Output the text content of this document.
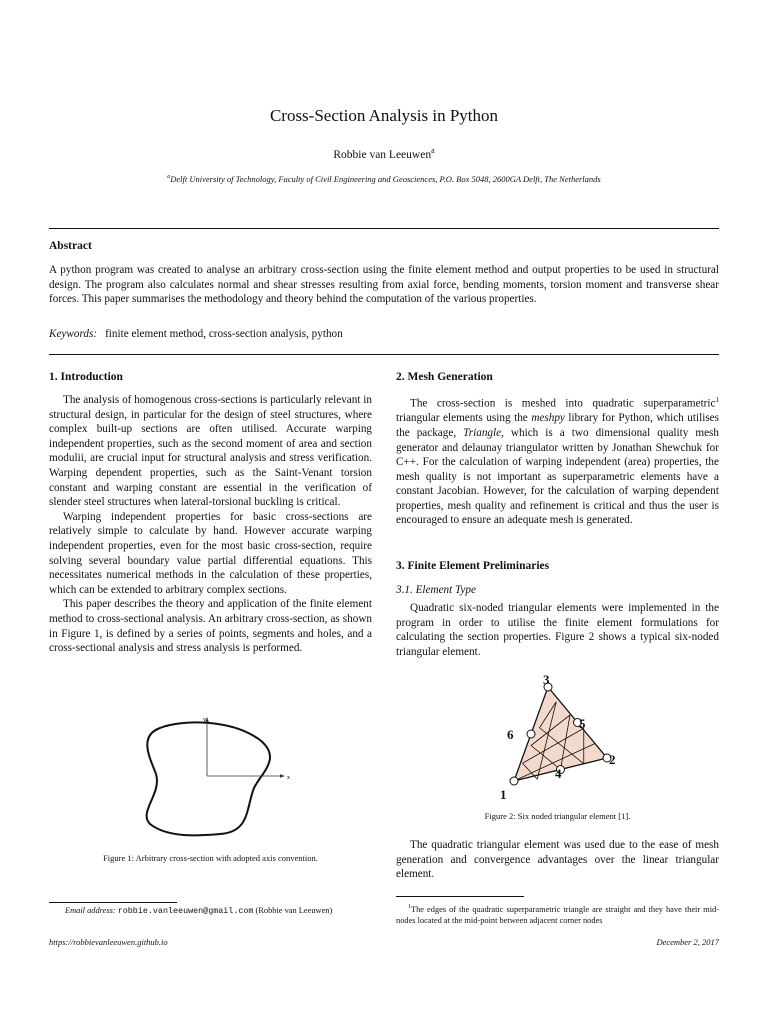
Cross-Section Analysis in Python
Robbie van Leeuwen$^a$
$^a$Delft University of Technology, Faculty of Civil Engineering and Geosciences, P.O. Box 5048, 2600GA Delft, The Netherlands
Abstract
A python program was created to analyse an arbitrary cross-section using the finite element method and output properties to be used in structural design. The program also calculates normal and shear stresses resulting from axial force, bending moments, torsion moment and transverse shear forces. This paper summarises the methodology and theory behind the computation of the various properties.
Keywords: finite element method, cross-section analysis, python
1. Introduction

The analysis of homogenous cross-sections is particularly relevant in structural design, in particular for the design of steel structures, where complex built-up sections are often utilised. Accurate warping independent properties, such as the second moment of area and section modulii, are crucial input for structural analysis and stress verification. Warping dependent properties, such as the Saint-Venant torsion constant and warping constant are essential in the verification of slender steel structures when lateral-torsional buckling is critical.

Warping independent properties for basic cross-sections are relatively simple to calculate by hand. However accurate warping independent properties, even for the most basic cross-section, require solving several boundary value partial differential equations. This necessitates numerical methods in the calculation of these properties, which can be extended to arbitrary complex sections.

This paper describes the theory and application of the finite element method to cross-sectional analysis. An arbitrary cross-section, as shown in Figure 1, is defined by a series of points, segments and holes, and a cross-sectional analysis and stress analysis is performed.

y
x
Figure 1: Arbitrary cross-section with adopted axis convention.
Email address: robbie.vanleeuwen@gmail.com (Robbie van Leeuwen)
2. Mesh Generation

The cross-section is meshed into quadratic superparametric$^1$ triangular elements using the meshpy library for Python, which utilises the package, Triangle, which is a two dimensional quality mesh generator and delaunay triangulator written by Jonathan Shewchuk for C++. For the calculation of warping independent (area) properties, the mesh quality is not important as superparametric elements have a constant Jacobian. However, for the calculation of warping dependent properties, mesh quality and refinement is critical and thus the user is encouraged to ensure an adequate mesh is generated.

3. Finite Element Preliminaries
3.1. Element Type

Quadratic six-noded triangular elements were implemented in the program in order to utilise the finite element formulations for calculating the section properties. Figure 2 shows a typical six-noded triangular element.

1
2
3
4
5
6
Figure 2: Six noded triangular element [1].

The quadratic triangular element was used due to the ease of mesh generation and convergence advantages over the linear triangular element.

$^1$The edges of the quadratic superparametric triangle are straight and they have their mid-nodes located at the mid-point between adjacent corner nodes
https://robbievanleeuwen.github.io	December 2, 2017
